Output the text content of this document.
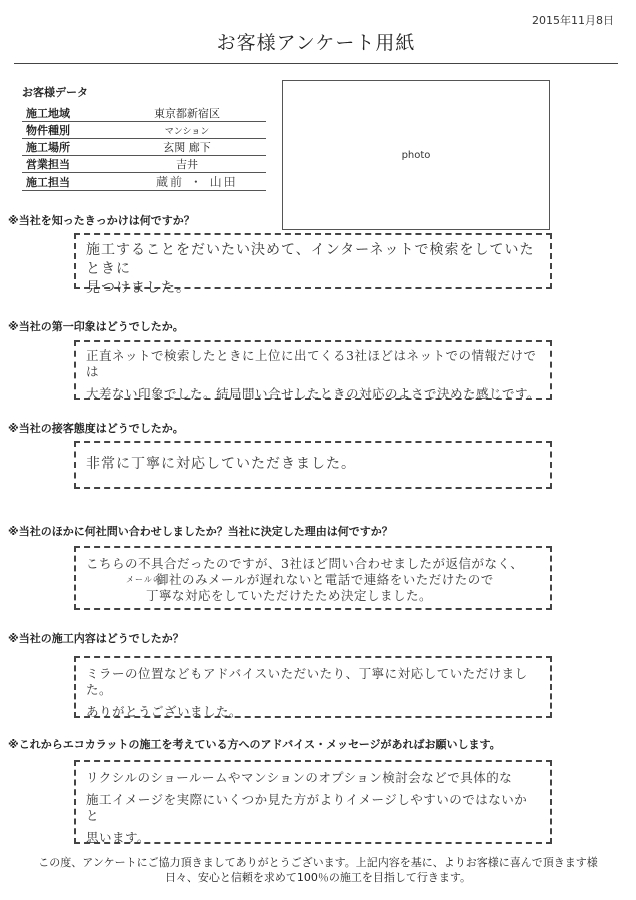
2015年11月8日
お客様アンケート用紙
お客様データ
施工地域	東京都新宿区
物件種別	マンション
施工場所	玄関 廊下
営業担当	吉井
施工担当	蔵前 ・ 山田
photo
※当社を知ったきっかけは何ですか？
施工することをだいたい決めて、インターネットで検索をしていたときに
見つけました。
※当社の第一印象はどうでしたか。
正直ネットで検索したときに上位に出てくる3社ほどはネットでの情報だけでは
大差ない印象でした。結局問い合せしたときの対応のよさで決めた感じです。
※当社の接客態度はどうでしたか。
非常に丁寧に対応していただきました。
※当社のほかに何社問い合わせしましたか？当社に決定した理由は何ですか？
こちらの不具合だったのですが、3社ほど問い合わせましたが返信がなく、
メールの
御社のみメールが遅れないと電話で連絡をいただけたので
丁寧な対応をしていただけたため決定しました。
※当社の施工内容はどうでしたか？
ミラーの位置などもアドバイスいただいたり、丁寧に対応していただけました。
ありがとうございました。
※これからエコカラットの施工を考えている方へのアドバイス・メッセージがあればお願いします。
リクシルのショールームやマンションのオプション検討会などで具体的な
施工イメージを実際にいくつか見た方がよりイメージしやすいのではないかと
思います。
この度、アンケートにご協力頂きましてありがとうございます。上記内容を基に、よりお客様に喜んで頂きます様
日々、安心と信頼を求めて100％の施工を目指して行きます。
